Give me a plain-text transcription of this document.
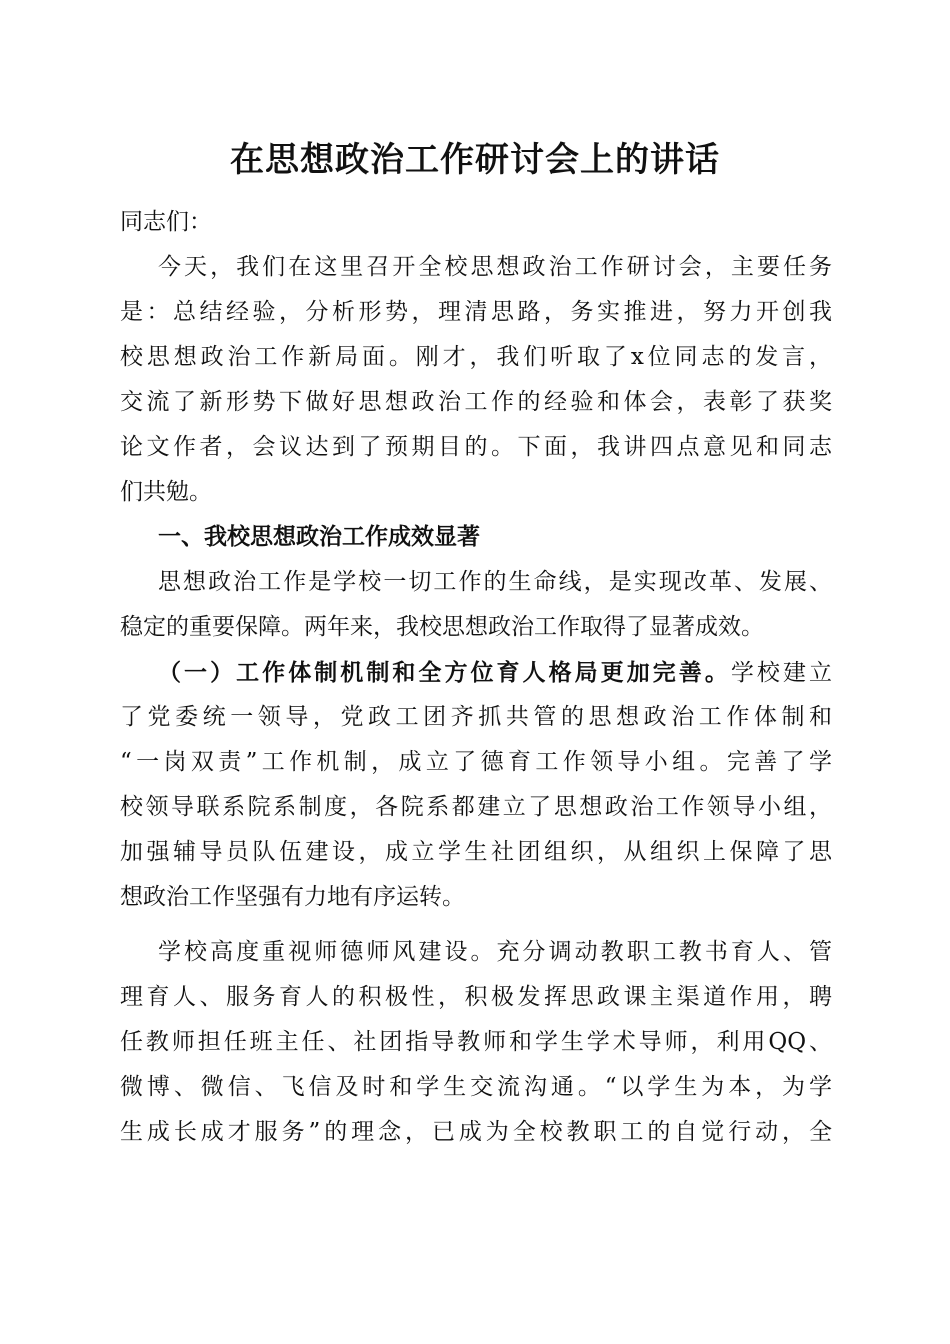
在思想政治工作研讨会上的讲话
同志们：
今天，我们在这里召开全校思想政治工作研讨会，主要任务
是：总结经验，分析形势，理清思路，务实推进，努力开创我
校思想政治工作新局面。刚才，我们听取了x位同志的发言，
交流了新形势下做好思想政治工作的经验和体会，表彰了获奖
论文作者，会议达到了预期目的。下面，我讲四点意见和同志
们共勉。
一、我校思想政治工作成效显著
思想政治工作是学校一切工作的生命线，是实现改革、发展、
稳定的重要保障。两年来，我校思想政治工作取得了显著成效。
（一）工作体制机制和全方位育人格局更加完善。学校建立
了党委统一领导，党政工团齐抓共管的思想政治工作体制和
“一岗双责”工作机制，成立了德育工作领导小组。完善了学
校领导联系院系制度，各院系都建立了思想政治工作领导小组，
加强辅导员队伍建设，成立学生社团组织，从组织上保障了思
想政治工作坚强有力地有序运转。
学校高度重视师德师风建设。充分调动教职工教书育人、管
理育人、服务育人的积极性，积极发挥思政课主渠道作用，聘
任教师担任班主任、社团指导教师和学生学术导师，利用QQ、
微博、微信、飞信及时和学生交流沟通。“以学生为本，为学
生成长成才服务”的理念，已成为全校教职工的自觉行动，全
